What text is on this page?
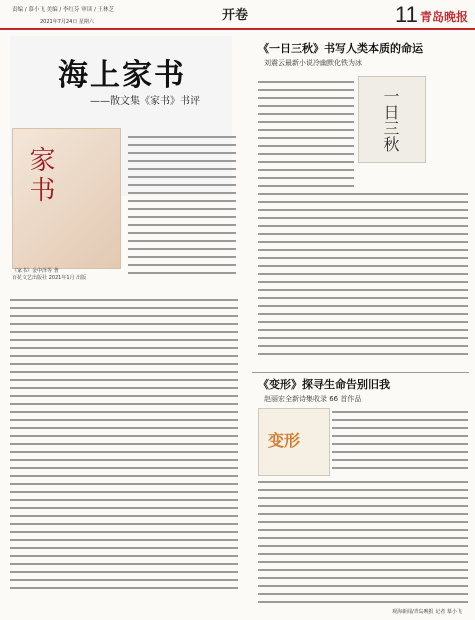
责编 / 慕小飞 美编 / 李红芬 审读 / 王林芝
2021年7月24日 星期六	开卷	11 青岛晚报
海上家书
——散文集《家书》书评
家书
《家书》金中泽等 著
百花文艺出版社 2021年1月 出版
《一日三秋》书写人类本质的命运
刘震云最新小说冷幽默化铁为冰
一日三秋
《变形》探寻生命告别旧我
赵丽宏全新诗集收录 66 首作品
变形
观海新闻/青岛晚报 记者 慕小飞
